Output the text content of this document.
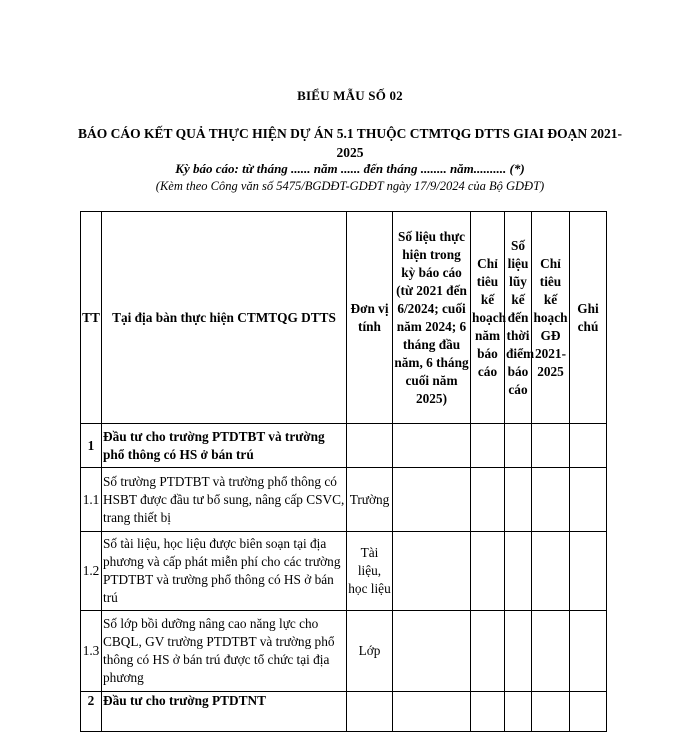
BIỂU MẪU SỐ 02
BÁO CÁO KẾT QUẢ THỰC HIỆN DỰ ÁN 5.1 THUỘC CTMTQG DTTS GIAI ĐOẠN 2021-2025
Kỳ báo cáo: từ tháng ...... năm ...... đến tháng ........ năm.......... (*)
(Kèm theo Công văn số 5475/BGDĐT-GDĐT ngày 17/9/2024 của Bộ GDĐT)
TT	Tại địa bàn thực hiện CTMTQG DTTS	Đơn vị tính	Số liệu thực hiện trong kỳ báo cáo (từ 2021 đến 6/2024; cuối năm 2024; 6 tháng đầu năm, 6 tháng cuối năm 2025)	Chỉ tiêu kế hoạch năm báo cáo	Số liệu lũy kế đến thời điểm báo cáo	Chỉ tiêu kế hoạch GĐ 2021-2025	Ghi chú
1	Đầu tư cho trường PTDTBT và trường phổ thông có HS ở bán trú						
1.1	Số trường PTDTBT và trường phổ thông có HSBT được đầu tư bổ sung, nâng cấp CSVC, trang thiết bị	Trường					
1.2	Số tài liệu, học liệu được biên soạn tại địa phương và cấp phát miễn phí cho các trường PTDTBT và trường phổ thông có HS ở bán trú	Tài liệu, học liệu					
1.3	Số lớp bồi dưỡng nâng cao năng lực cho CBQL, GV trường PTDTBT và trường phổ thông có HS ở bán trú được tổ chức tại địa phương	Lớp					
2	Đầu tư cho trường PTDTNT						
